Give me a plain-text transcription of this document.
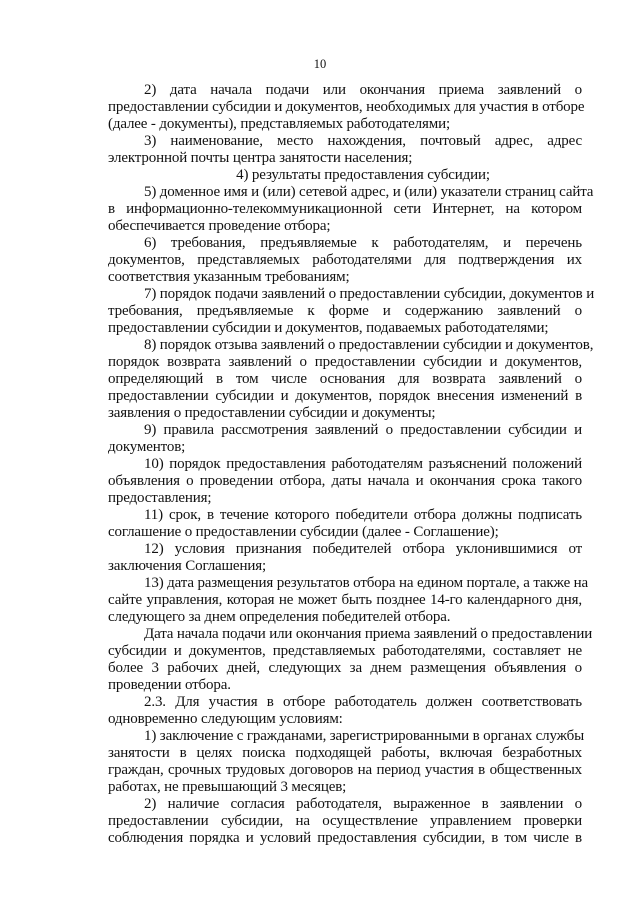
10
2) дата начала подачи или окончания приема заявлений о
предоставлении субсидии и документов, необходимых для участия в отборе
(далее - документы), представляемых работодателями;
3) наименование, место нахождения, почтовый адрес, адрес
электронной почты центра занятости населения;
4) результаты предоставления субсидии;
5) доменное имя и (или) сетевой адрес, и (или) указатели страниц сайта
в информационно-телекоммуникационной сети Интернет, на котором
обеспечивается проведение отбора;
6) требования, предъявляемые к работодателям, и перечень
документов, представляемых работодателями для подтверждения их
соответствия указанным требованиям;
7) порядок подачи заявлений о предоставлении субсидии, документов и
требования, предъявляемые к форме и содержанию заявлений о
предоставлении субсидии и документов, подаваемых работодателями;
8) порядок отзыва заявлений о предоставлении субсидии и документов,
порядок возврата заявлений о предоставлении субсидии и документов,
определяющий в том числе основания для возврата заявлений о
предоставлении субсидии и документов, порядок внесения изменений в
заявления о предоставлении субсидии и документы;
9) правила рассмотрения заявлений о предоставлении субсидии и
документов;
10) порядок предоставления работодателям разъяснений положений
объявления о проведении отбора, даты начала и окончания срока такого
предоставления;
11) срок, в течение которого победители отбора должны подписать
соглашение о предоставлении субсидии (далее - Соглашение);
12) условия признания победителей отбора уклонившимися от
заключения Соглашения;
13) дата размещения результатов отбора на едином портале, а также на
сайте управления, которая не может быть позднее 14-го календарного дня,
следующего за днем определения победителей отбора.
Дата начала подачи или окончания приема заявлений о предоставлении
субсидии и документов, представляемых работодателями, составляет не
более 3 рабочих дней, следующих за днем размещения объявления о
проведении отбора.
2.3. Для участия в отборе работодатель должен соответствовать
одновременно следующим условиям:
1) заключение с гражданами, зарегистрированными в органах службы
занятости в целях поиска подходящей работы, включая безработных
граждан, срочных трудовых договоров на период участия в общественных
работах, не превышающий 3 месяцев;
2) наличие согласия работодателя, выраженное в заявлении о
предоставлении субсидии, на осуществление управлением проверки
соблюдения порядка и условий предоставления субсидии, в том числе в
